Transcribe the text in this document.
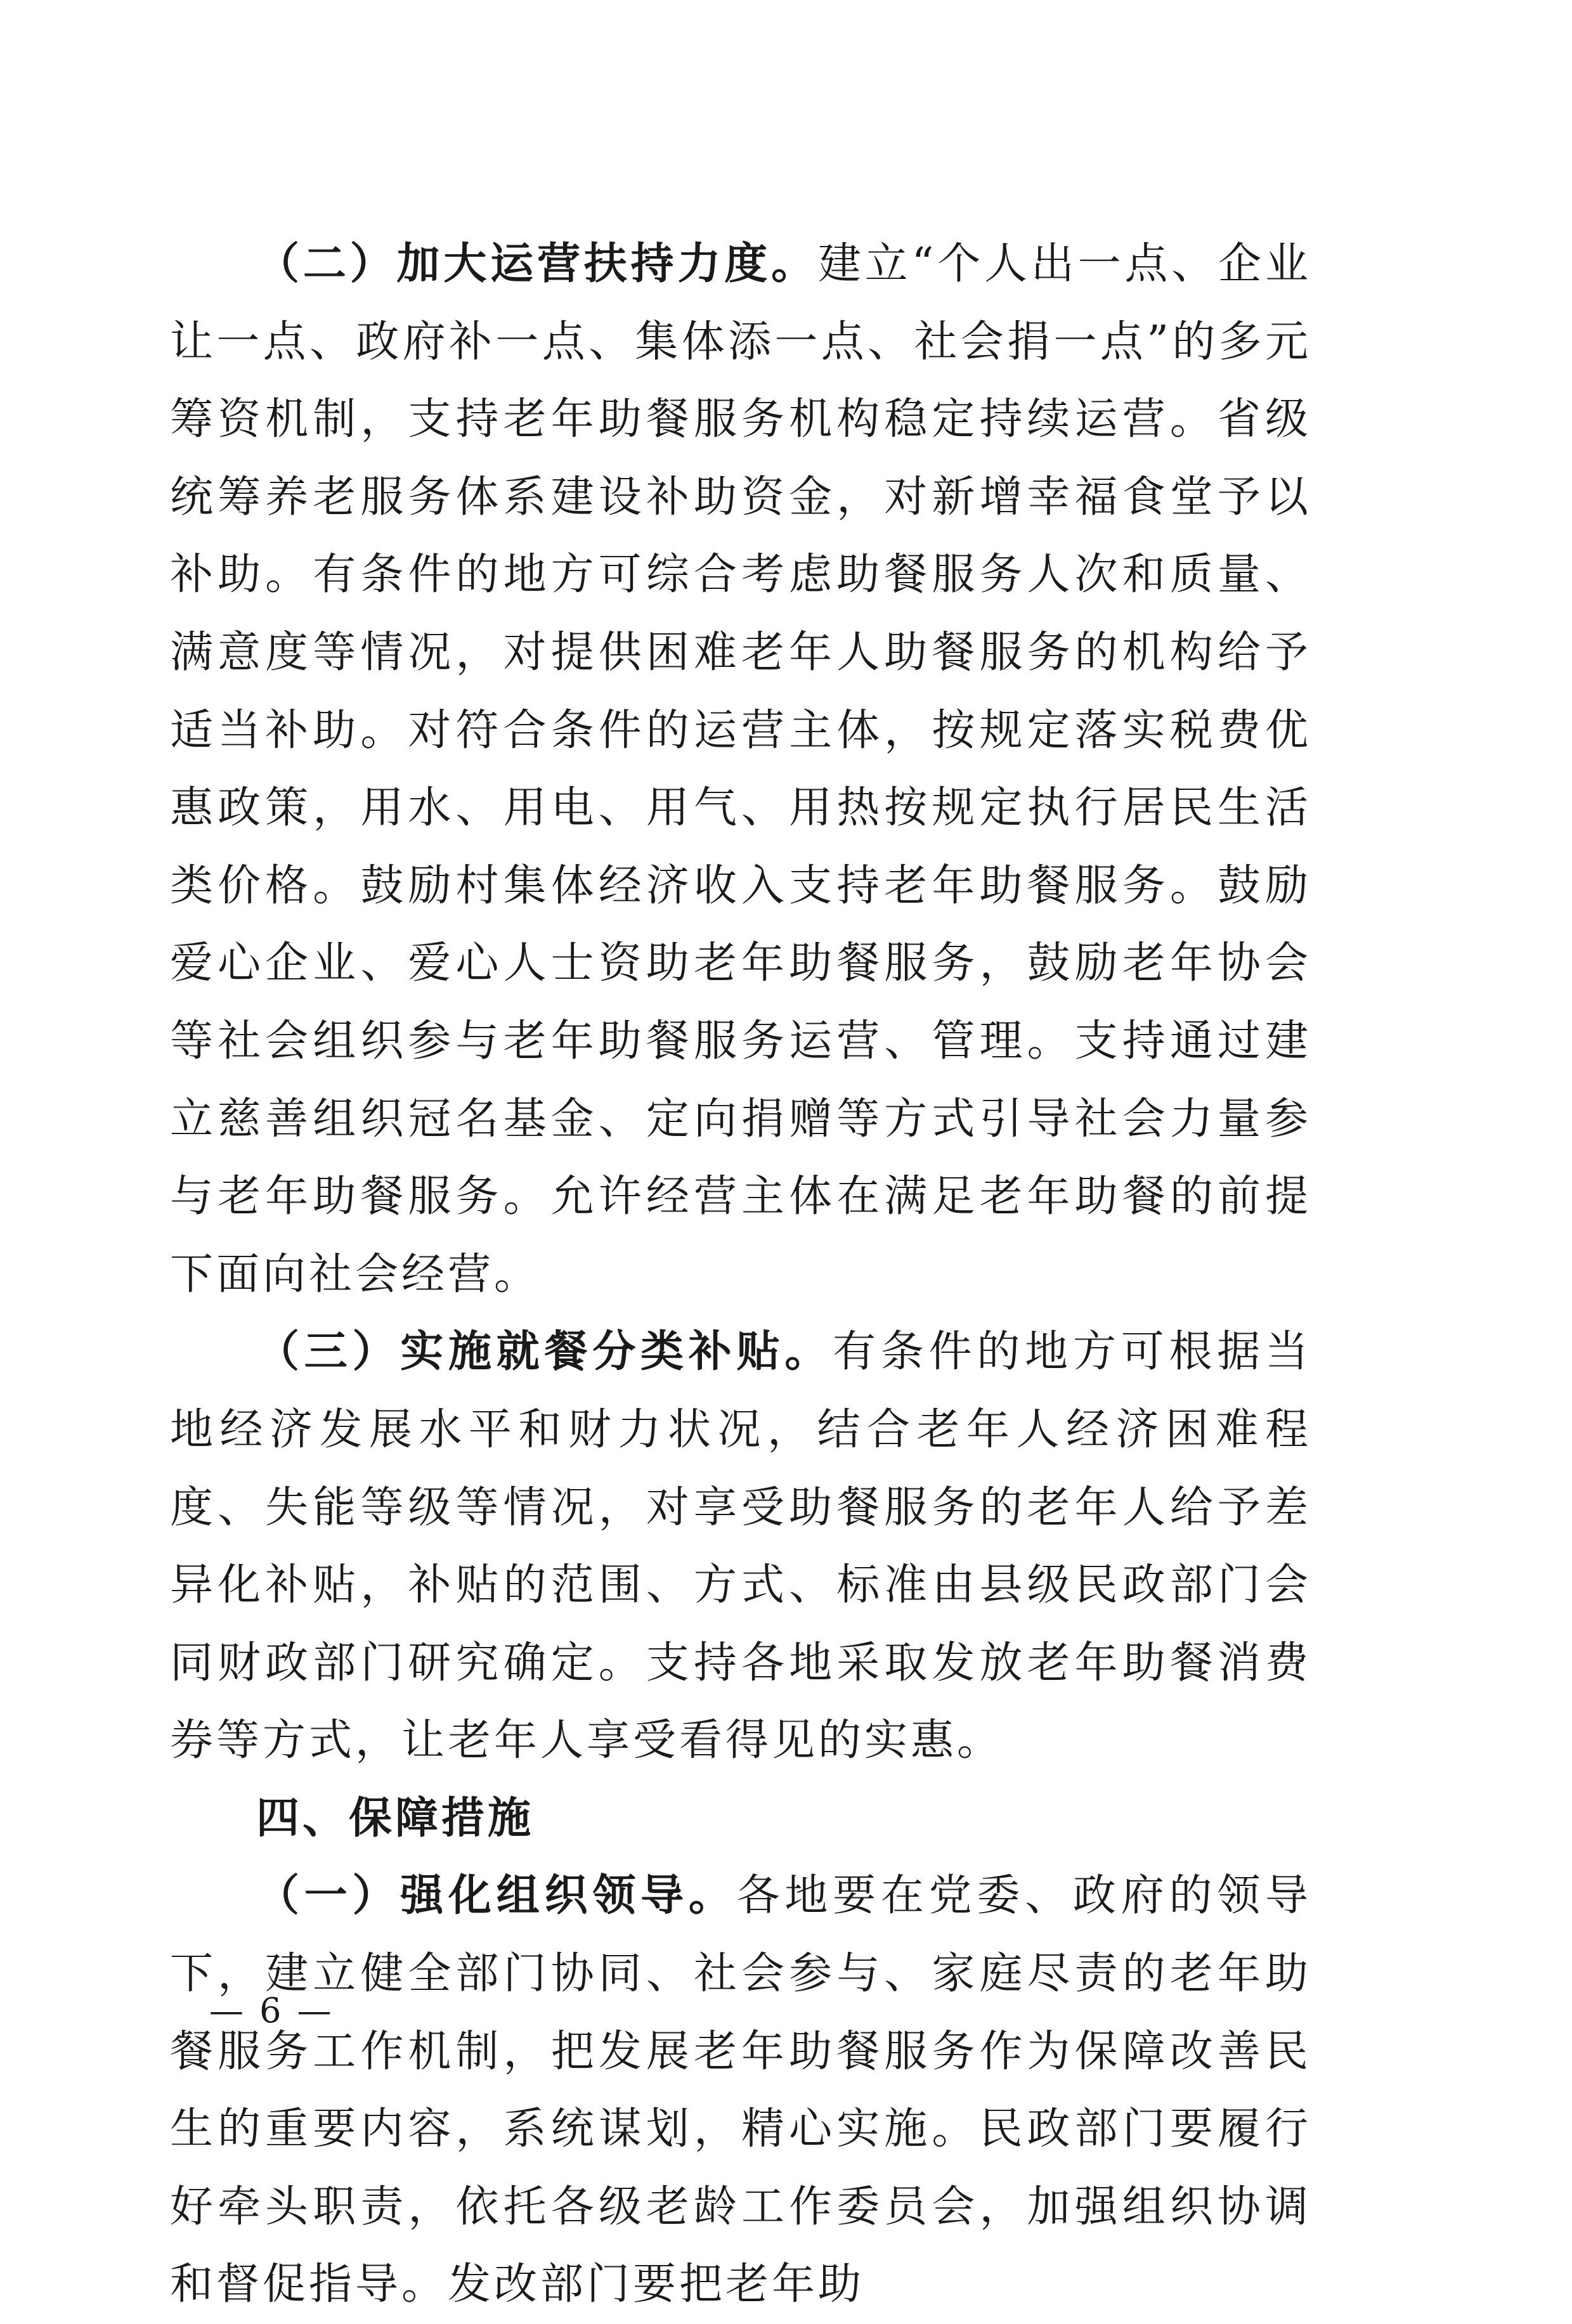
（二）加大运营扶持力度。建立“个人出一点、企业让一点、政府补一点、集体添一点、社会捐一点”的多元筹资机制，支持老年助餐服务机构稳定持续运营。省级统筹养老服务体系建设补助资金，对新增幸福食堂予以补助。有条件的地方可综合考虑助餐服务人次和质量、满意度等情况，对提供困难老年人助餐服务的机构给予适当补助。对符合条件的运营主体，按规定落实税费优惠政策，用水、用电、用气、用热按规定执行居民生活类价格。鼓励村集体经济收入支持老年助餐服务。鼓励爱心企业、爱心人士资助老年助餐服务，鼓励老年协会等社会组织参与老年助餐服务运营、管理。支持通过建立慈善组织冠名基金、定向捐赠等方式引导社会力量参与老年助餐服务。允许经营主体在满足老年助餐的前提下面向社会经营。

（三）实施就餐分类补贴。有条件的地方可根据当地经济发展水平和财力状况，结合老年人经济困难程度、失能等级等情况，对享受助餐服务的老年人给予差异化补贴，补贴的范围、方式、标准由县级民政部门会同财政部门研究确定。支持各地采取发放老年助餐消费券等方式，让老年人享受看得见的实惠。

四、保障措施

（一）强化组织领导。各地要在党委、政府的领导下，建立健全部门协同、社会参与、家庭尽责的老年助餐服务工作机制，把发展老年助餐服务作为保障改善民生的重要内容，系统谋划，精心实施。民政部门要履行好牵头职责，依托各级老龄工作委员会，加强组织协调和督促指导。发改部门要把老年助

— 6 —
